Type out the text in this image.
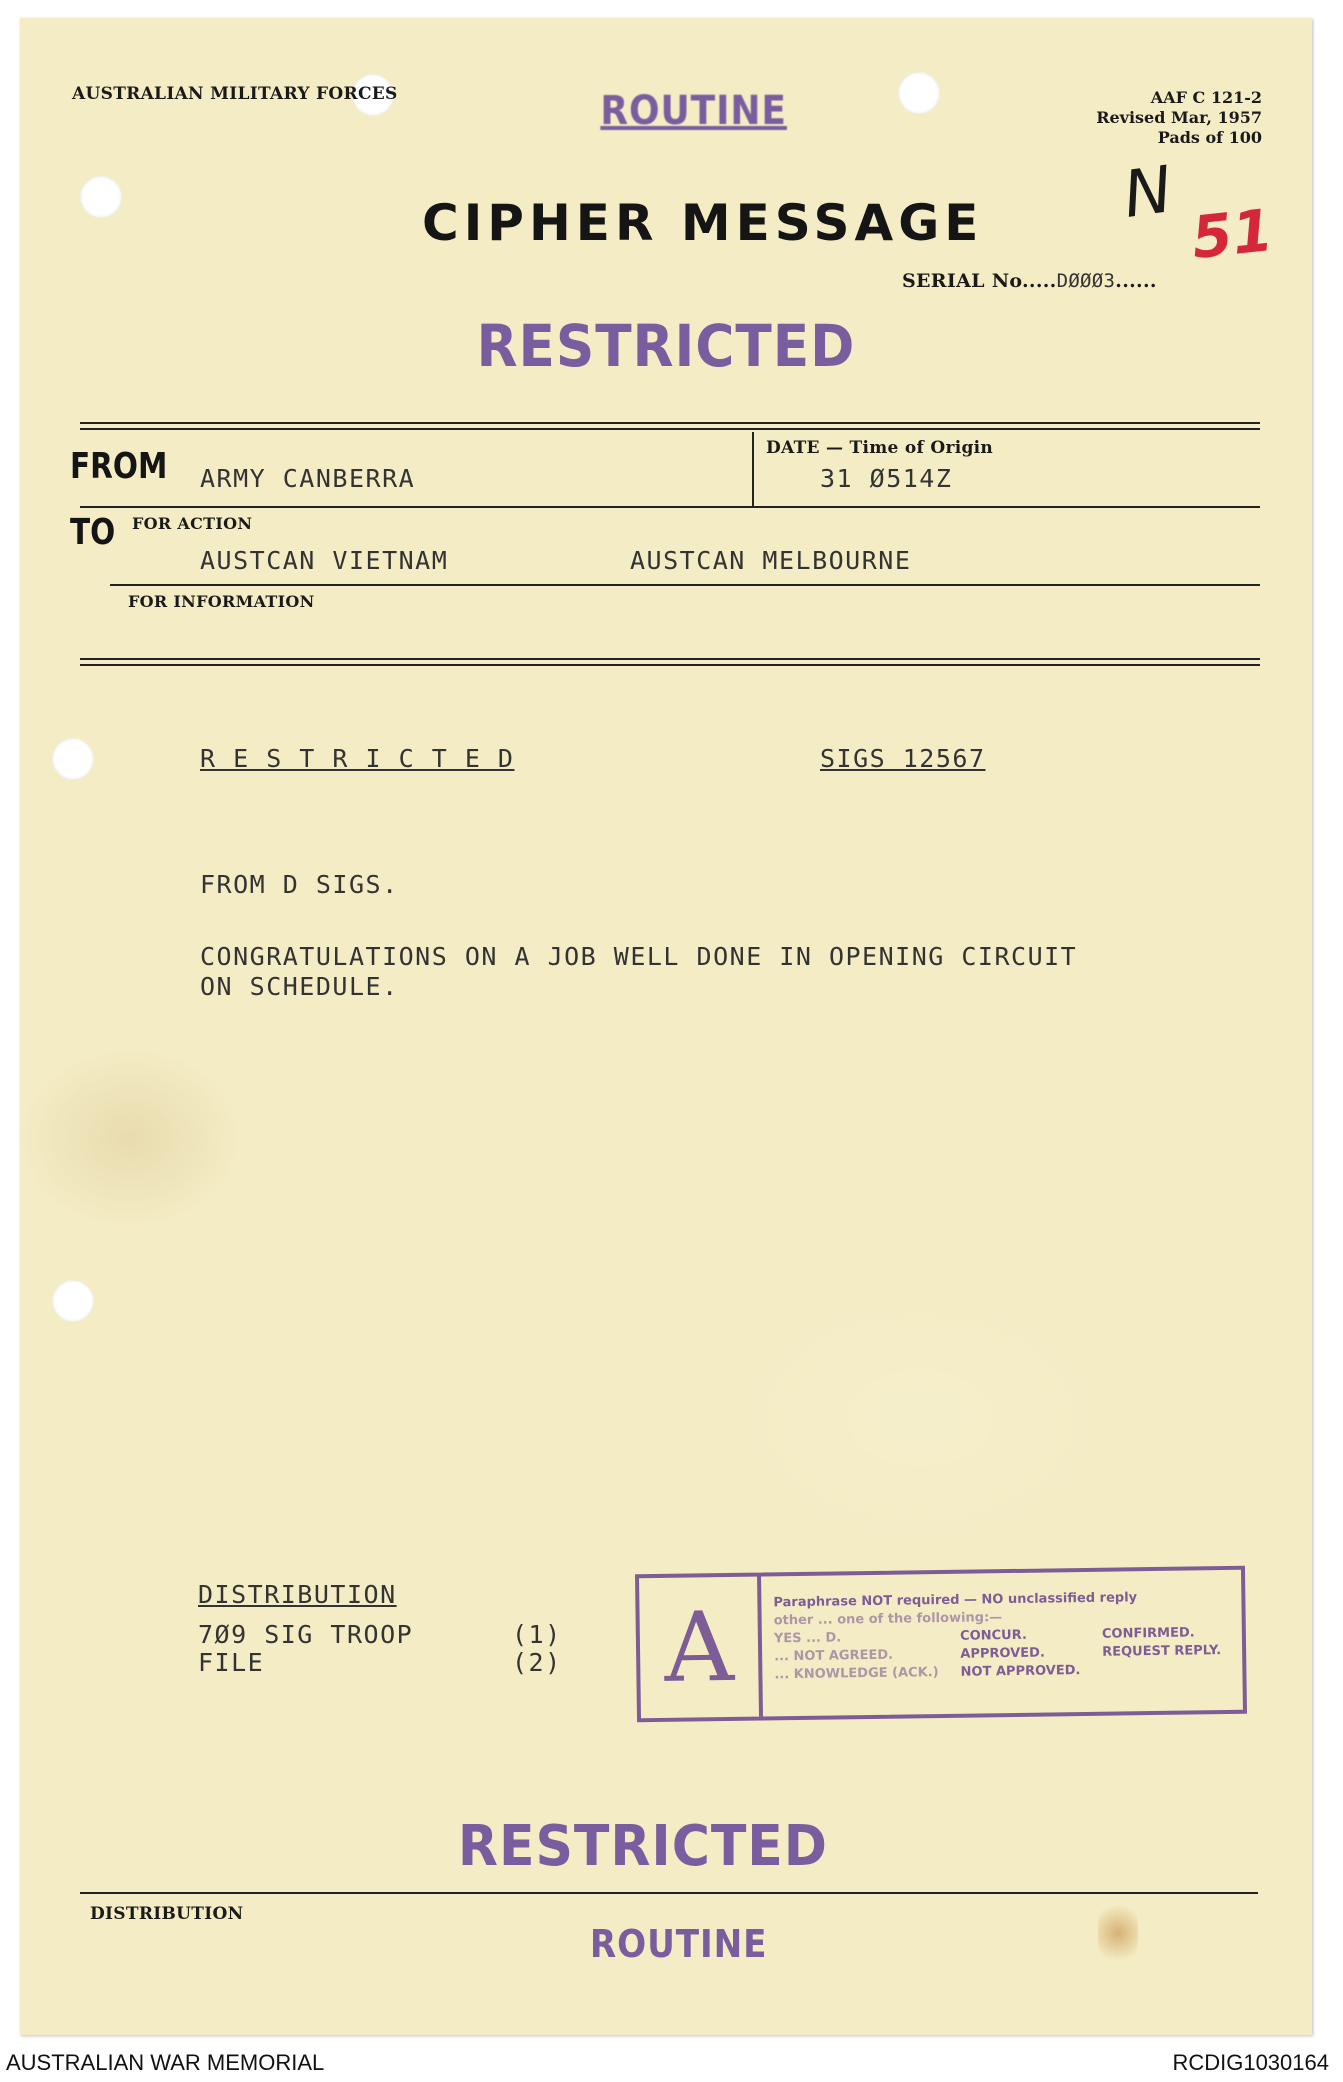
AUSTRALIAN MILITARY FORCES	AAF C 121-2
Revised Mar, 1957
Pads of 100
ROUTINE
N
51
CIPHER MESSAGE
SERIAL No.....DØØØ3......
RESTRICTED
FROM ARMY CANBERRA
DATE — Time of Origin
31 Ø514Z
TO FOR ACTION
AUSTCAN VIETNAM	AUSTCAN MELBOURNE
FOR INFORMATION
R E S T R I C T E D	SIGS 12567
FROM D SIGS.
CONGRATULATIONS ON A JOB WELL DONE IN OPENING CIRCUIT
ON SCHEDULE.
DISTRIBUTION
7Ø9 SIG TROOP	(1)
FILE	(2) A	Paraphrase NOT required — NO unclassified reply
other ... one of the following:—
YES ... D.
... NOT AGREED.
... KNOWLEDGE (ACK.)
CONCUR.
APPROVED.
NOT APPROVED.
CONFIRMED.
REQUEST REPLY.
RESTRICTED
DISTRIBUTION
ROUTINE
AUSTRALIAN WAR MEMORIAL	RCDIG1030164
